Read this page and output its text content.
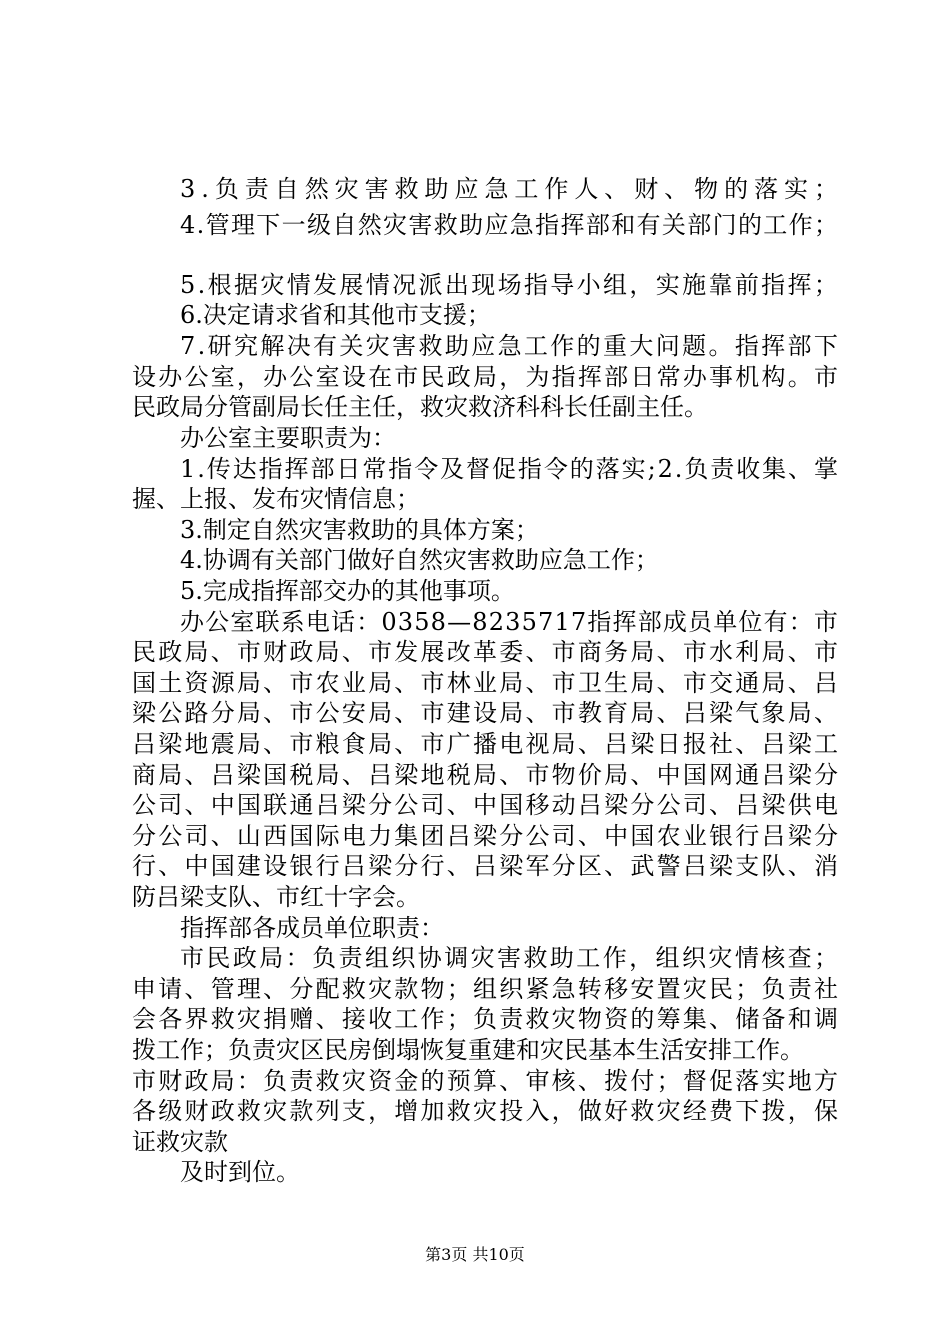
3.负责自然灾害救助应急工作人、财、物的落实；
4.管理下一级自然灾害救助应急指挥部和有关部门的工作；
5.根据灾情发展情况派出现场指导小组，实施靠前指挥；
6.决定请求省和其他市支援；
7.研究解决有关灾害救助应急工作的重大问题。指挥部下
设办公室，办公室设在市民政局，为指挥部日常办事机构。市
民政局分管副局长任主任，救灾救济科科长任副主任。
办公室主要职责为：
1.传达指挥部日常指令及督促指令的落实;2.负责收集、掌
握、上报、发布灾情信息；
3.制定自然灾害救助的具体方案；
4.协调有关部门做好自然灾害救助应急工作；
5.完成指挥部交办的其他事项。
办公室联系电话：0358—8235717指挥部成员单位有：市
民政局、市财政局、市发展改革委、市商务局、市水利局、市
国土资源局、市农业局、市林业局、市卫生局、市交通局、吕
梁公路分局、市公安局、市建设局、市教育局、吕梁气象局、
吕梁地震局、市粮食局、市广播电视局、吕梁日报社、吕梁工
商局、吕梁国税局、吕梁地税局、市物价局、中国网通吕梁分
公司、中国联通吕梁分公司、中国移动吕梁分公司、吕梁供电
分公司、山西国际电力集团吕梁分公司、中国农业银行吕梁分
行、中国建设银行吕梁分行、吕梁军分区、武警吕梁支队、消
防吕梁支队、市红十字会。
指挥部各成员单位职责：
市民政局：负责组织协调灾害救助工作，组织灾情核查；
申请、管理、分配救灾款物；组织紧急转移安置灾民；负责社
会各界救灾捐赠、接收工作；负责救灾物资的筹集、储备和调
拨工作；负责灾区民房倒塌恢复重建和灾民基本生活安排工作。
市财政局：负责救灾资金的预算、审核、拨付；督促落实地方
各级财政救灾款列支，增加救灾投入，做好救灾经费下拨，保
证救灾款
及时到位。
第3页 共10页
